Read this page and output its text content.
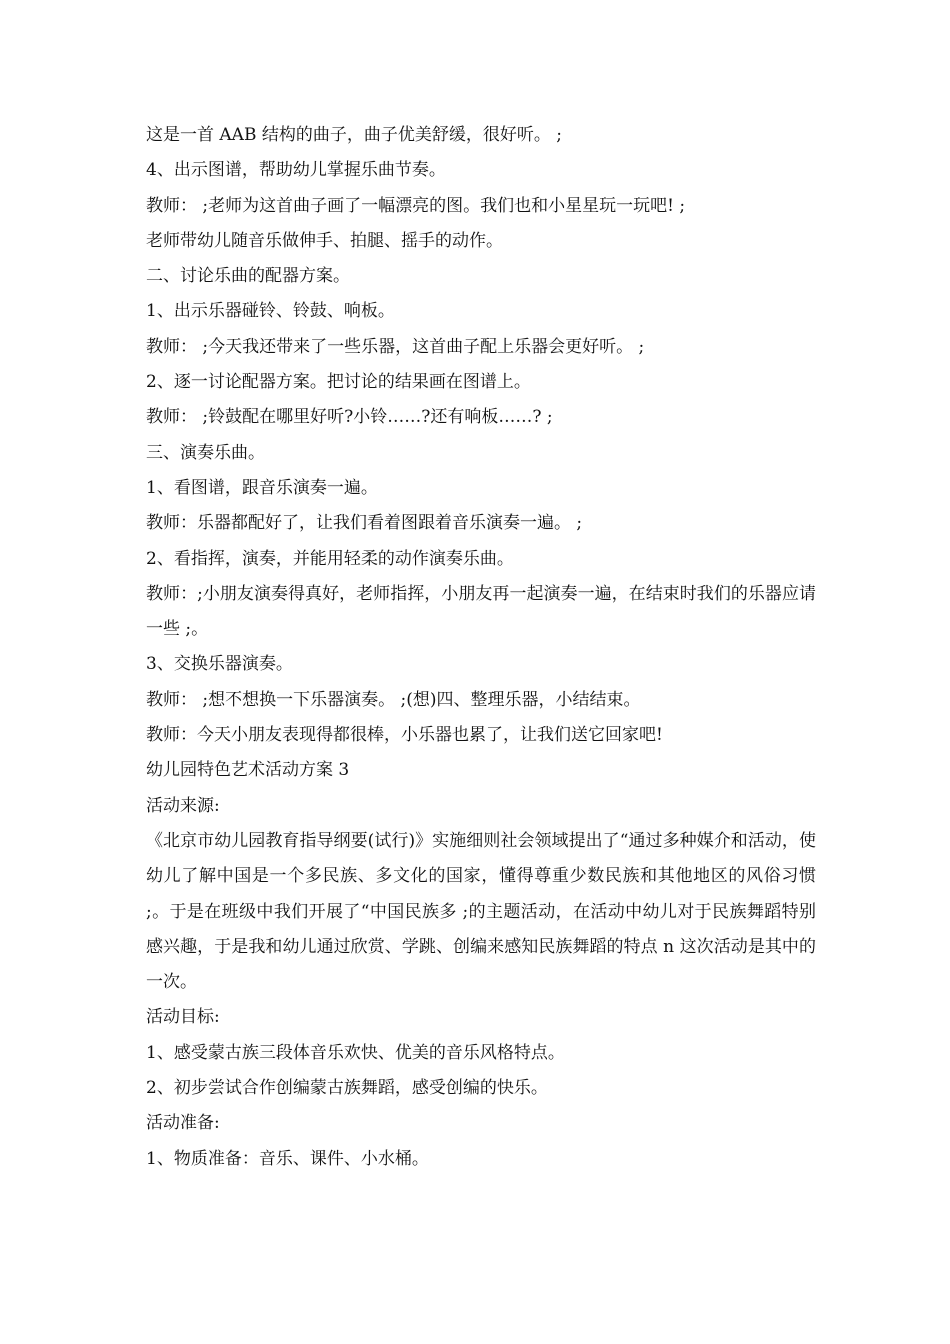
这是一首 AAB 结构的曲子，曲子优美舒缓，很好听。 ;
4、出示图谱，帮助幼儿掌握乐曲节奏。
教师： ;老师为这首曲子画了一幅漂亮的图。我们也和小星星玩一玩吧! ;
老师带幼儿随音乐做伸手、拍腿、摇手的动作。
二、讨论乐曲的配器方案。
1、出示乐器碰铃、铃鼓、响板。
教师： ;今天我还带来了一些乐器，这首曲子配上乐器会更好听。 ;
2、逐一讨论配器方案。把讨论的结果画在图谱上。
教师： ;铃鼓配在哪里好听?小铃……?还有响板……? ;
三、演奏乐曲。
1、看图谱，跟音乐演奏一遍。
教师：乐器都配好了，让我们看着图跟着音乐演奏一遍。 ;
2、看指挥，演奏，并能用轻柔的动作演奏乐曲。

教师：;小朋友演奏得真好，老师指挥，小朋友再一起演奏一遍，在结束时我们的乐器应请一些 ;。

3、交换乐器演奏。
教师： ;想不想换一下乐器演奏。 ;(想)四、整理乐器，小结结束。
教师：今天小朋友表现得都很棒，小乐器也累了，让我们送它回家吧!
幼儿园特色艺术活动方案 3
活动来源:

《北京市幼儿园教育指导纲要(试行)》实施细则社会领域提出了“通过多种媒介和活动，使幼儿了解中国是一个多民族、多文化的国家，懂得尊重少数民族和其他地区的风俗习惯 ;。于是在班级中我们开展了“中国民族多 ;的主题活动，在活动中幼儿对于民族舞蹈特别感兴趣，于是我和幼儿通过欣赏、学跳、创编来感知民族舞蹈的特点 n 这次活动是其中的一次。

活动目标:
1、感受蒙古族三段体音乐欢快、优美的音乐风格特点。
2、初步尝试合作创编蒙古族舞蹈，感受创编的快乐。
活动准备:
1、物质准备：音乐、课件、小水桶。
